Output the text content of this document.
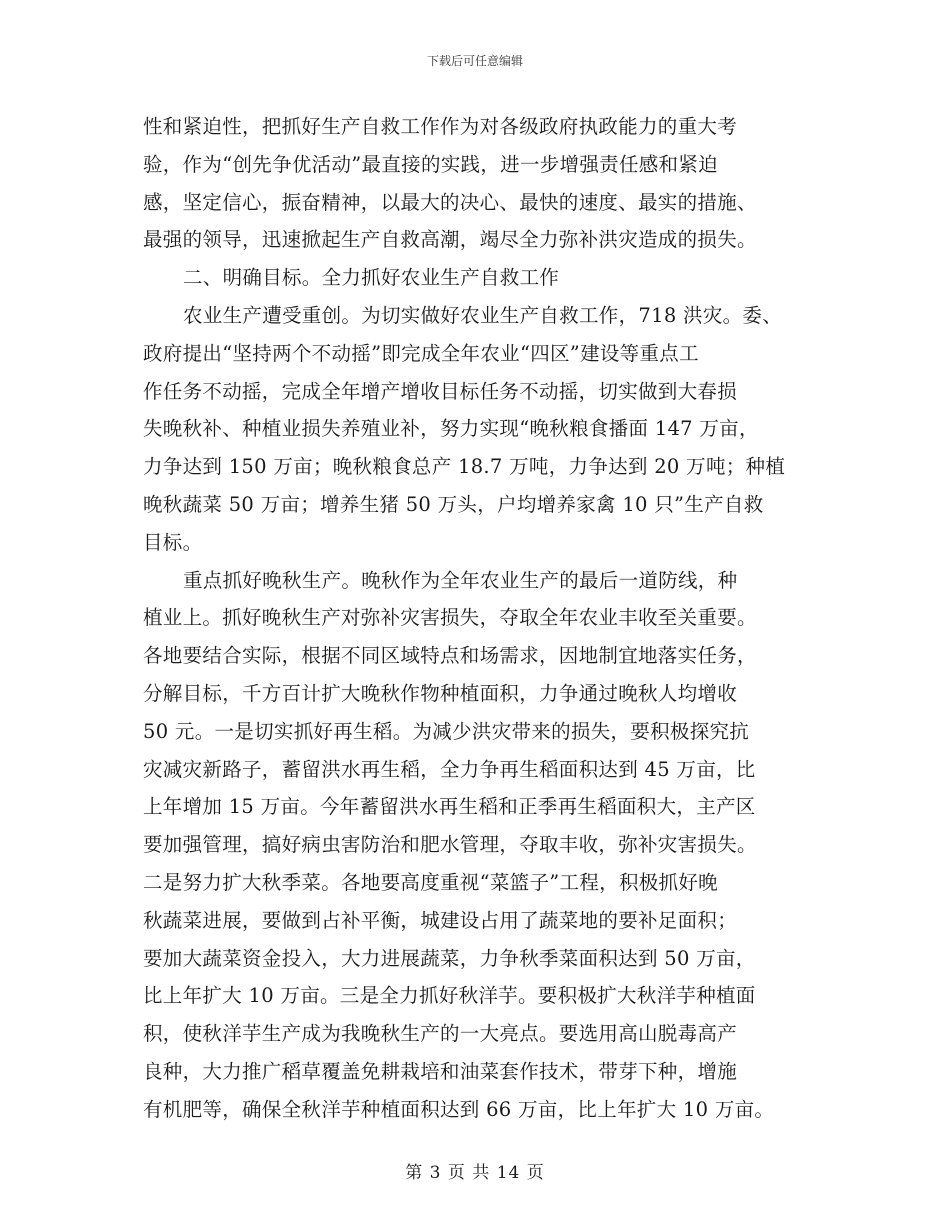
下载后可任意编辑
性和紧迫性，把抓好生产自救工作作为对各级政府执政能力的重大考
验，作为“创先争优活动”最直接的实践，进一步增强责任感和紧迫
感，坚定信心，振奋精神，以最大的决心、最快的速度、最实的措施、
最强的领导，迅速掀起生产自救高潮，竭尽全力弥补洪灾造成的损失。
二、明确目标。全力抓好农业生产自救工作
农业生产遭受重创。为切实做好农业生产自救工作，718 洪灾。委、
政府提出“坚持两个不动摇”即完成全年农业“四区”建设等重点工
作任务不动摇，完成全年增产增收目标任务不动摇，切实做到大春损
失晚秋补、种植业损失养殖业补，努力实现“晚秋粮食播面 147 万亩，
力争达到 150 万亩；晚秋粮食总产 18.7 万吨，力争达到 20 万吨；种植
晚秋蔬菜 50 万亩；增养生猪 50 万头，户均增养家禽 10 只”生产自救
目标。
重点抓好晚秋生产。晚秋作为全年农业生产的最后一道防线，种
植业上。抓好晚秋生产对弥补灾害损失，夺取全年农业丰收至关重要。
各地要结合实际，根据不同区域特点和场需求，因地制宜地落实任务，
分解目标，千方百计扩大晚秋作物种植面积，力争通过晚秋人均增收
50 元。一是切实抓好再生稻。为减少洪灾带来的损失，要积极探究抗
灾减灾新路子，蓄留洪水再生稻，全力争再生稻面积达到 45 万亩，比
上年增加 15 万亩。今年蓄留洪水再生稻和正季再生稻面积大，主产区
要加强管理，搞好病虫害防治和肥水管理，夺取丰收，弥补灾害损失。
二是努力扩大秋季菜。各地要高度重视“菜篮子”工程，积极抓好晚
秋蔬菜进展，要做到占补平衡，城建设占用了蔬菜地的要补足面积；
要加大蔬菜资金投入，大力进展蔬菜，力争秋季菜面积达到 50 万亩，
比上年扩大 10 万亩。三是全力抓好秋洋芋。要积极扩大秋洋芋种植面
积，使秋洋芋生产成为我晚秋生产的一大亮点。要选用高山脱毒高产
良种，大力推广稻草覆盖免耕栽培和油菜套作技术，带芽下种，增施
有机肥等，确保全秋洋芋种植面积达到 66 万亩，比上年扩大 10 万亩。
第 3 页 共 14 页
